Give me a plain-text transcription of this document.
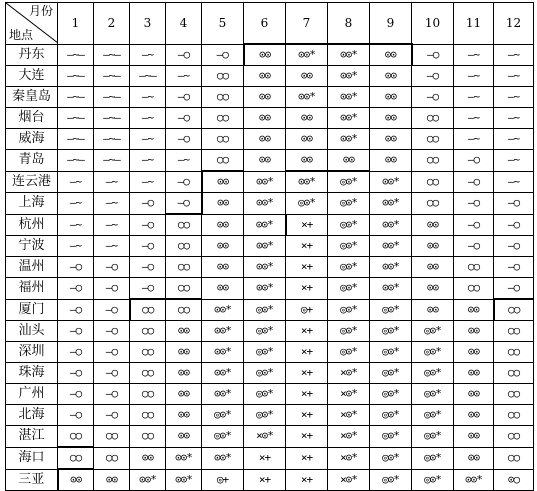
月份
地点	1	2	3	4	5	6	7	8	9	10	11	12
丹东	—~—	—~—	—~	—○	—○	⊙⊙	⊙⊙*	⊙⊙*	⊙⊙	—○	—~	—~
大连	—~—	—~—	—~—	—~	○○	⊙⊙	⊙⊙	⊙⊙*	⊙⊙	—○	—~	—~
秦皇岛	—~—	—~—	—~	—○	○○	⊙⊙	⊙⊙*	⊙⊙*	⊙⊙	—○	—~	—~
烟台	—~—	—~—	—~	—○	○○	⊙⊙	⊙⊙	⊙⊙*	⊙⊙	○○	—~	—~
威海	—~—	—~—	—~	—○	○○	⊙⊙	⊙⊙	⊙⊙*	⊙⊙	○○	—~	—~
青岛	—~—	—~—	—~	—~	○○	⊙⊙	⊙⊙	⊙⊙	⊙⊙	○○	—○	—~
连云港	—~	—~	—~	—○	⊙⊙	⊙⊙*	⊙⊙*	◎⊙*	⊙⊙*	○○	—○	—~
上海	—~	—~	—○	—○	⊙⊙	⊙⊙*	◎⊙*	◎⊙*	⊙⊙*	○○	—○	—○
杭州	—~	—~	—○	○○	⊙⊙	⊙⊙*	×+	◎⊙*	⊙⊙*	⊙⊙	—○	—○
宁波	—~	—~	—○	○○	⊙⊙	⊙⊙*	×+	◎⊙*	⊙⊙*	⊙⊙	—○	—○
温州	—○	—○	—○	○○	⊙⊙	⊙⊙*	×+	◎⊙*	⊙⊙*	⊙⊙	○○	—○
福州	—○	—○	—○	○○	⊙⊙	⊙⊙*	×+	◎⊙*	⊙⊙*	⊙⊙	○○	—○
厦门	—○	—○	○○	○○	⊙⊙*	◎⊙*	◎+	◎⊙*	◎⊙*	⊙⊙	⊙⊙	○○
汕头	—○	—○	○○	⊙⊙	⊙⊙*	◎⊙*	×+	◎⊙*	◎⊙*	◎⊙*	⊙⊙	○○
深圳	—○	—○	○○	⊙⊙	⊙⊙*	◎⊙*	×+	◎⊙*	◎⊙*	◎⊙*	⊙⊙	○○
珠海	—○	—○	○○	⊙⊙	⊙⊙*	◎⊙*	×+	×⊙*	◎⊙*	◎⊙*	⊙⊙	○○
广州	—○	—○	○○	⊙⊙	⊙⊙*	◎⊙*	×+	×⊙*	◎⊙*	◎⊙*	⊙⊙	○○
北海	—○	—○	○○	⊙⊙	◎⊙*	◎⊙*	×+	×⊙*	◎⊙*	◎⊙*	⊙⊙	○○
湛江	○○	○○	○○	⊙⊙	◎⊙*	×⊙*	×+	×⊙*	◎⊙*	◎⊙*	⊙⊙	○○
海口	○○	○○	⊙⊙	⊙⊙*	⊙⊙*	×+	×+	×⊙*	◎⊙*	◎⊙*	⊙⊙	○○
三亚	⊙⊙	⊙⊙	⊙⊙*	⊙⊙*	◎+	×+	×+	×⊙*	◎⊙*	◎⊙*	⊙⊙*	⊙○
